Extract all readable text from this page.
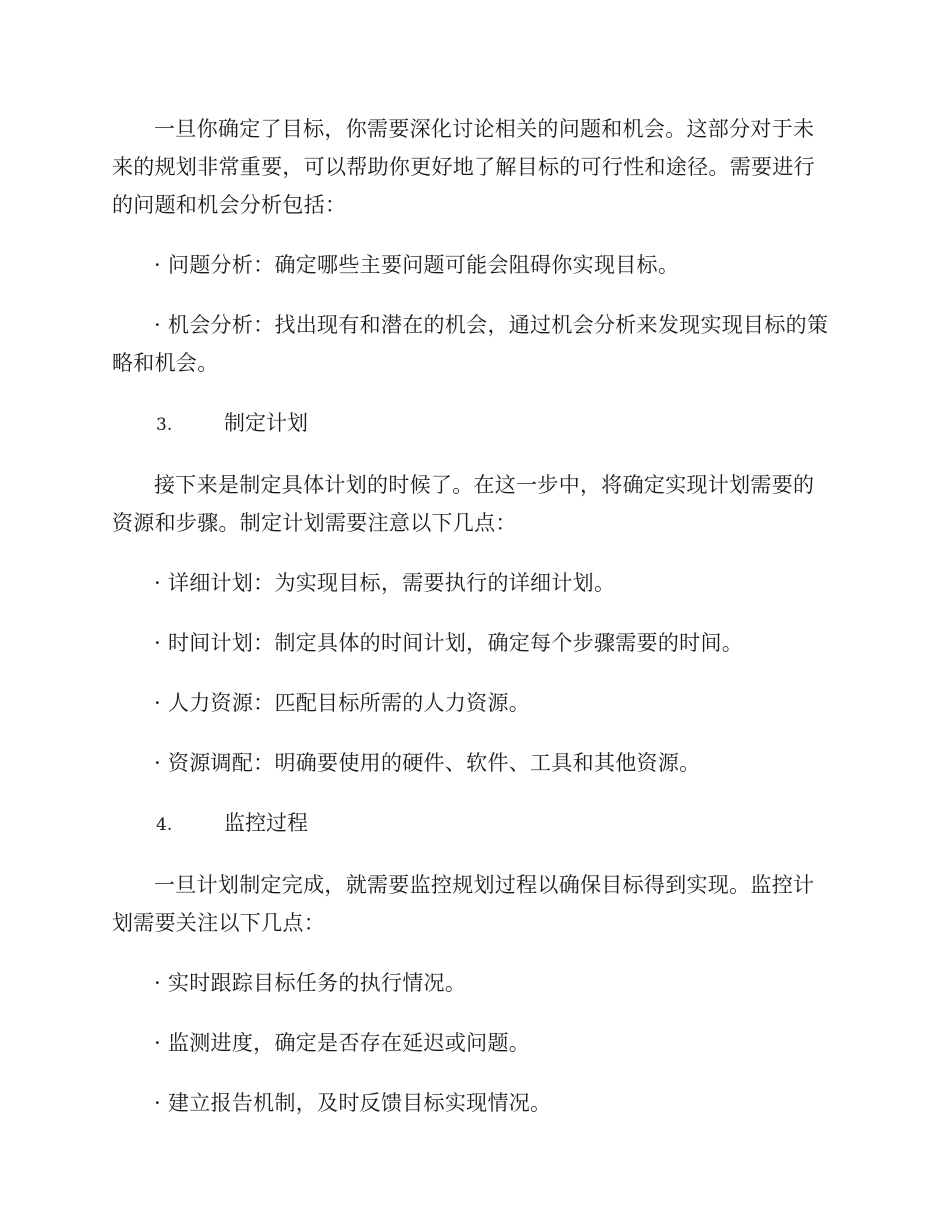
一旦你确定了目标，你需要深化讨论相关的问题和机会。这部分对于未来的规划非常重要，可以帮助你更好地了解目标的可行性和途径。需要进行的问题和机会分析包括：

· 问题分析：确定哪些主要问题可能会阻碍你实现目标。

· 机会分析：找出现有和潜在的机会，通过机会分析来发现实现目标的策略和机会。

3.	制定计划

接下来是制定具体计划的时候了。在这一步中，将确定实现计划需要的资源和步骤。制定计划需要注意以下几点：

· 详细计划：为实现目标，需要执行的详细计划。

· 时间计划：制定具体的时间计划，确定每个步骤需要的时间。

· 人力资源：匹配目标所需的人力资源。

· 资源调配：明确要使用的硬件、软件、工具和其他资源。

4.	监控过程

一旦计划制定完成，就需要监控规划过程以确保目标得到实现。监控计划需要关注以下几点：

· 实时跟踪目标任务的执行情况。

· 监测进度，确定是否存在延迟或问题。

· 建立报告机制，及时反馈目标实现情况。
